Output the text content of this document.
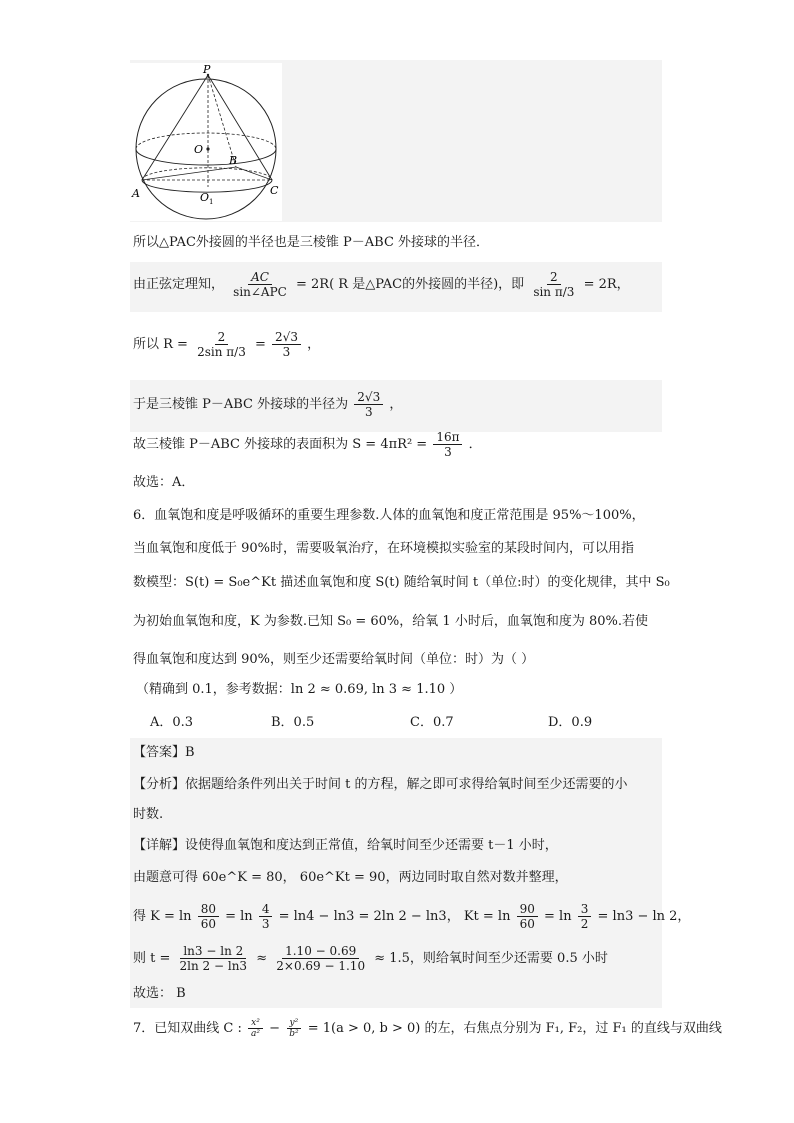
P
O
B
A	O 1
C
所以△PAC外接圆的半径也是三棱锥 P－ABC 外接球的半径．
由正弦定理知， $\frac{AC}{\text{sin∠APC}} = 2R$( R 是△PAC的外接圆的半径)，即 $\frac{2}{\text{sin π/3}} = 2R$，
所以 $R = \frac{2}{\text{2sin π/3}} = \frac{2√3}{3}$ ，
于是三棱锥 P－ABC 外接球的半径为 $\frac{2√3}{3}$ ，
故三棱锥 P－ABC 外接球的表面积为 $S = 4\pi R^2 = \frac{16\pi}{3}$ ．
故选：A．
6．血氧饱和度是呼吸循环的重要生理参数.人体的血氧饱和度正常范围是 95%～100%，
当血氧饱和度低于 90%时，需要吸氧治疗，在环境模拟实验室的某段时间内，可以用指
数模型：S(t) = S₀e^Kt 描述血氧饱和度 S(t) 随给氧时间 t（单位:时）的变化规律，其中 S₀
为初始血氧饱和度，K 为参数.已知 S₀ = 60%，给氧 1 小时后，血氧饱和度为 80%.若使
得血氧饱和度达到 90%，则至少还需要给氧时间（单位：时）为（ ）
（精确到 0.1，参考数据：ln 2 ≈ 0.69, ln 3 ≈ 1.10 ）
A．0.3	B．0.5	C．0.7	D．0.9
【答案】B
【分析】依据题给条件列出关于时间 t 的方程，解之即可求得给氧时间至少还需要的小
时数.
【详解】设使得血氧饱和度达到正常值，给氧时间至少还需要 t－1 小时，
由题意可得 60e^K = 80， 60e^Kt = 90，两边同时取自然对数并整理，
得 $K = \ln \frac{80}{60} = \ln \frac{4}{3} = \ln 4 - \ln 3 = 2\ln$ 2 − ln3， $Kt = \ln \frac{90}{60} = \ln \frac{3}{2} = \ln 3 - \ln 2$，
则 $t = \frac{\ln 3 - \ln 2}{2\ln 2 - \ln 3} \approx \frac{1.10 - 0.69}{2\times 0.69 - 1.10} \approx 1.5$，则给氧时间至少还需要 0.5 小时
故选： B
7．已知双曲线 C : $\frac{\text{x²}}{\text{a²}} - \frac{\text{y²}}{\text{b²}} = 1(a > 0$, b > 0) 的左，右焦点分别为 F₁, F₂，过 F₁ 的直线与双曲线
